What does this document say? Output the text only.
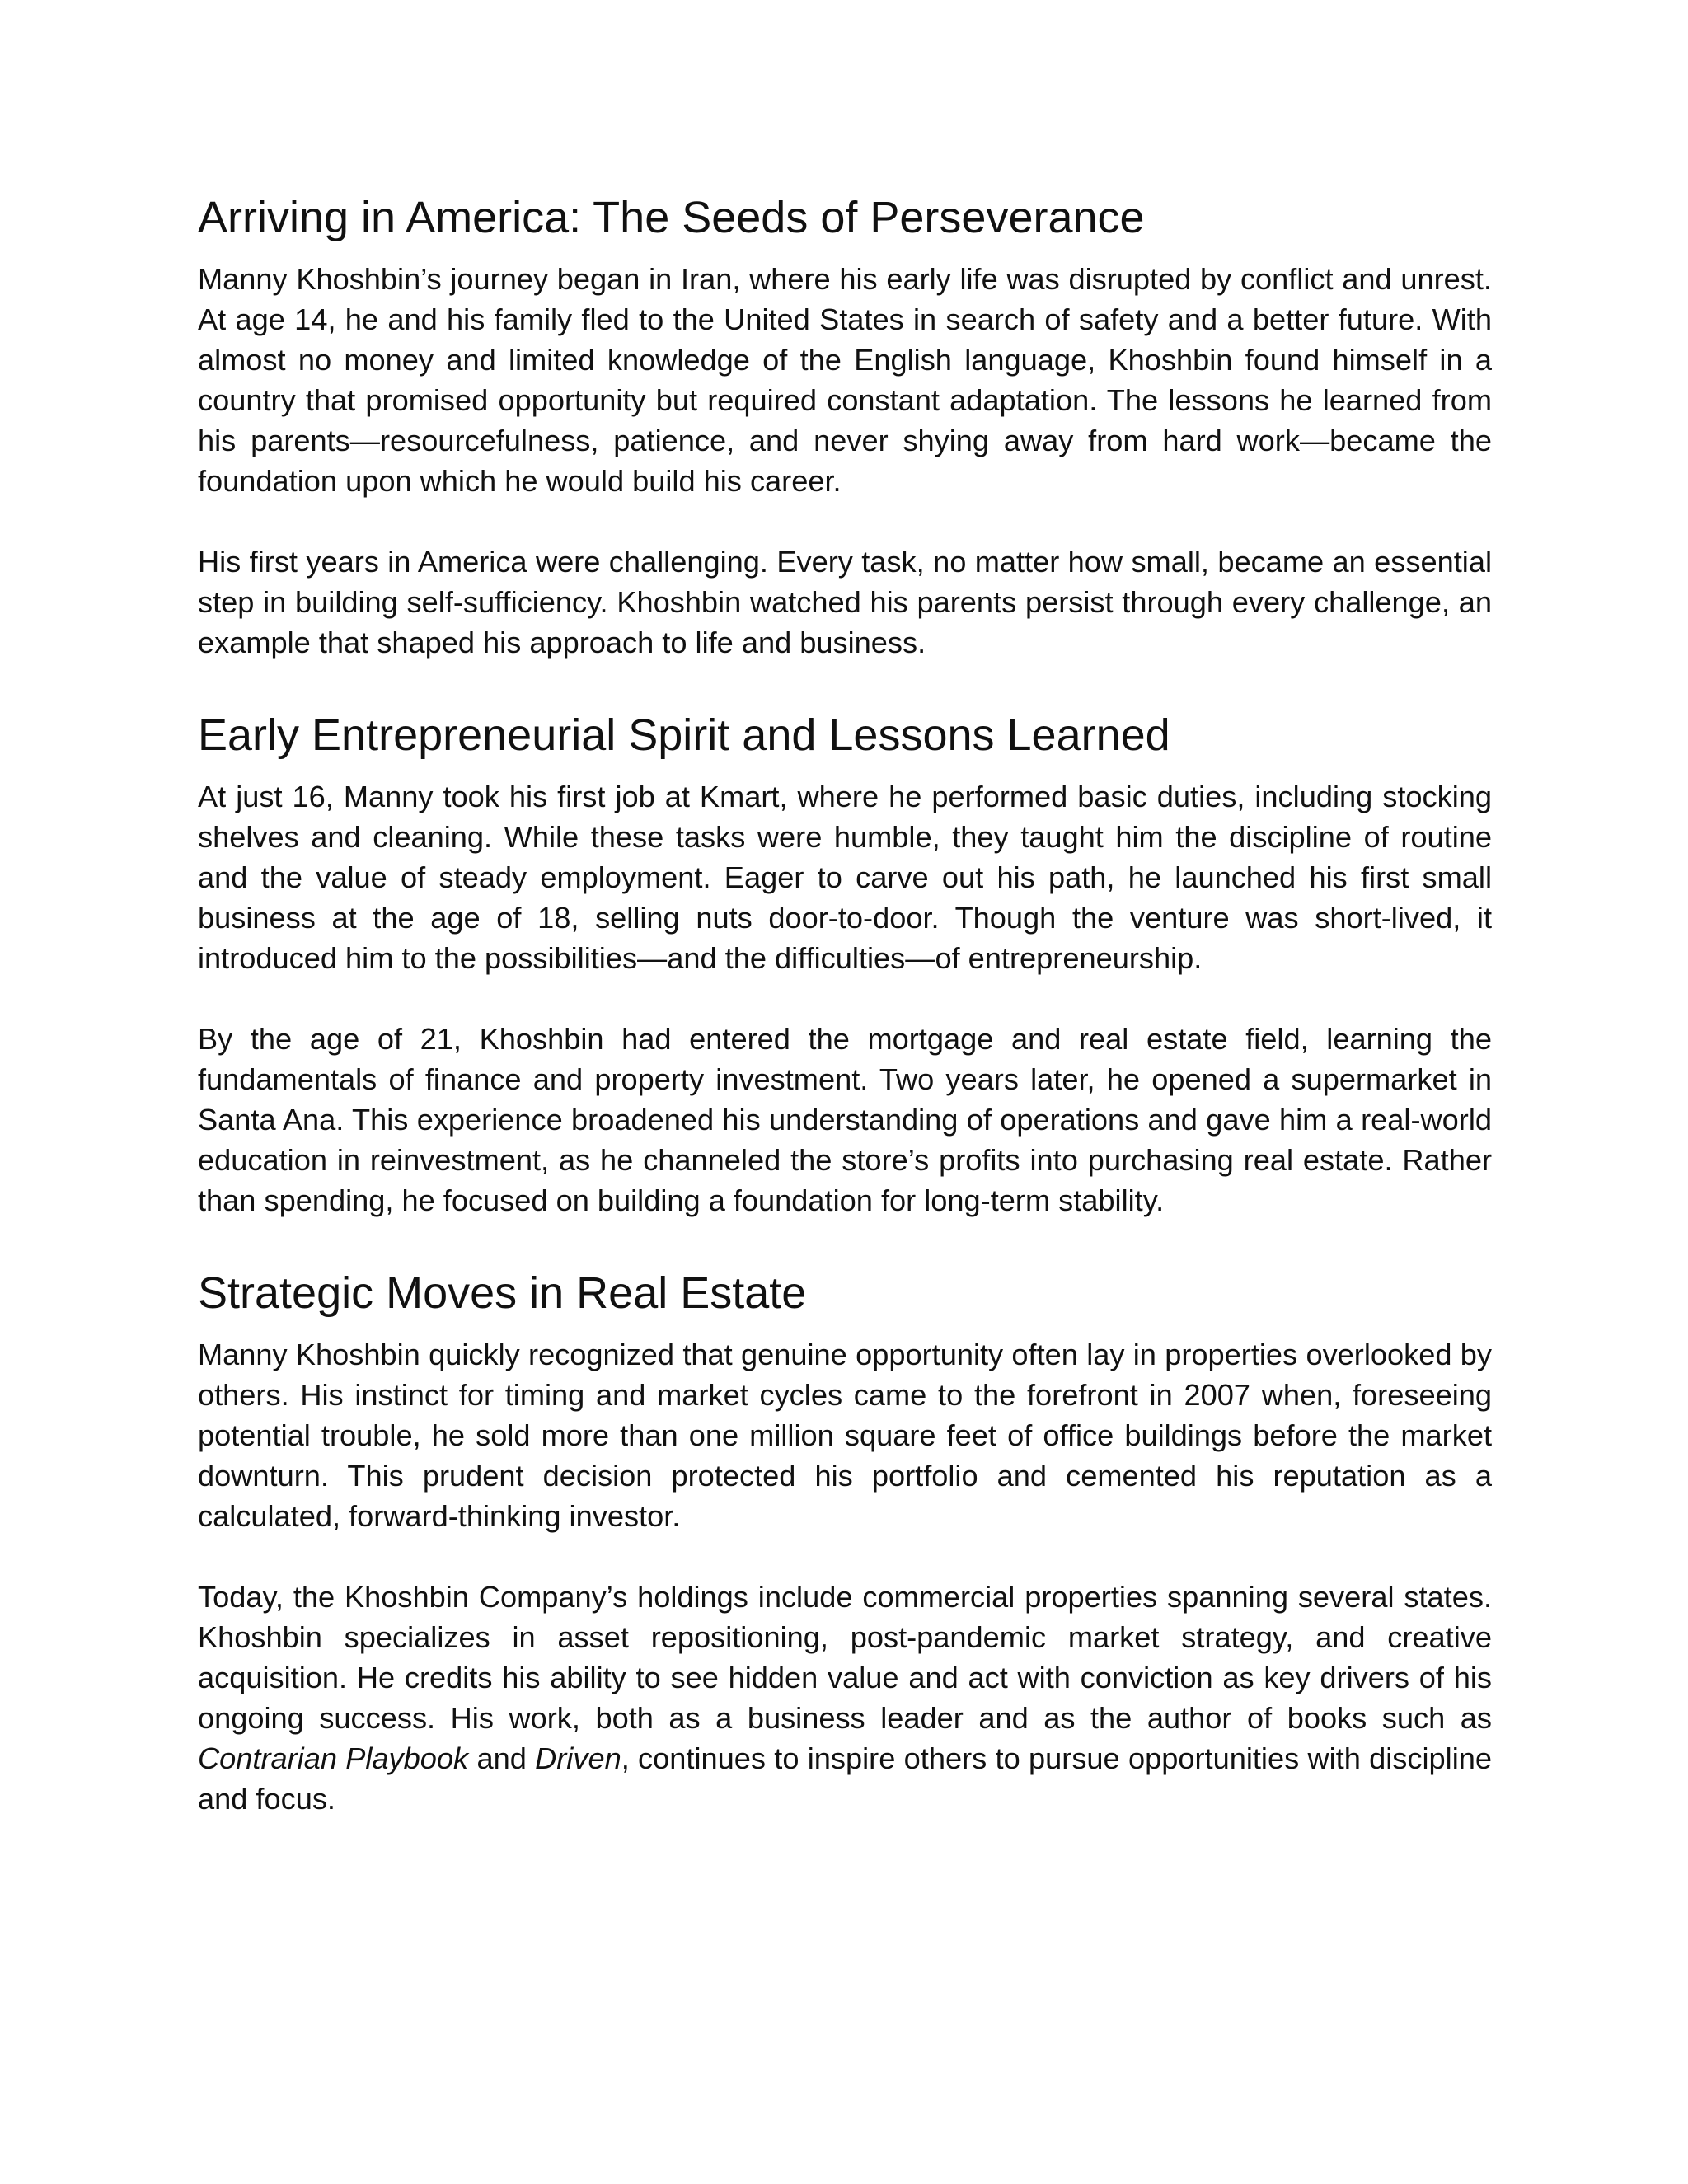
Arriving in America: The Seeds of Perseverance

Manny Khoshbin’s journey began in Iran, where his early life was disrupted by conflict and unrest. At age 14, he and his family fled to the United States in search of safety and a better future. With almost no money and limited knowledge of the English language, Khoshbin found himself in a country that promised opportunity but required constant adaptation. The lessons he learned from his parents—resourcefulness, patience, and never shying away from hard work—became the foundation upon which he would build his career.

His first years in America were challenging. Every task, no matter how small, became an essential step in building self-sufficiency. Khoshbin watched his parents persist through every challenge, an example that shaped his approach to life and business.

Early Entrepreneurial Spirit and Lessons Learned

At just 16, Manny took his first job at Kmart, where he performed basic duties, including stocking shelves and cleaning. While these tasks were humble, they taught him the discipline of routine and the value of steady employment. Eager to carve out his path, he launched his first small business at the age of 18, selling nuts door-to-door. Though the venture was short-lived, it introduced him to the possibilities—and the difficulties—of entrepreneurship.

By the age of 21, Khoshbin had entered the mortgage and real estate field, learning the fundamentals of finance and property investment. Two years later, he opened a supermarket in Santa Ana. This experience broadened his understanding of operations and gave him a real-world education in reinvestment, as he channeled the store’s profits into purchasing real estate. Rather than spending, he focused on building a foundation for long-term stability.

Strategic Moves in Real Estate

Manny Khoshbin quickly recognized that genuine opportunity often lay in properties overlooked by others. His instinct for timing and market cycles came to the forefront in 2007 when, foreseeing potential trouble, he sold more than one million square feet of office buildings before the market downturn. This prudent decision protected his portfolio and cemented his reputation as a calculated, forward-thinking investor.

Today, the Khoshbin Company’s holdings include commercial properties spanning several states. Khoshbin specializes in asset repositioning, post-pandemic market strategy, and creative acquisition. He credits his ability to see hidden value and act with conviction as key drivers of his ongoing success. His work, both as a business leader and as the author of books such as Contrarian Playbook and Driven, continues to inspire others to pursue opportunities with discipline and focus.
